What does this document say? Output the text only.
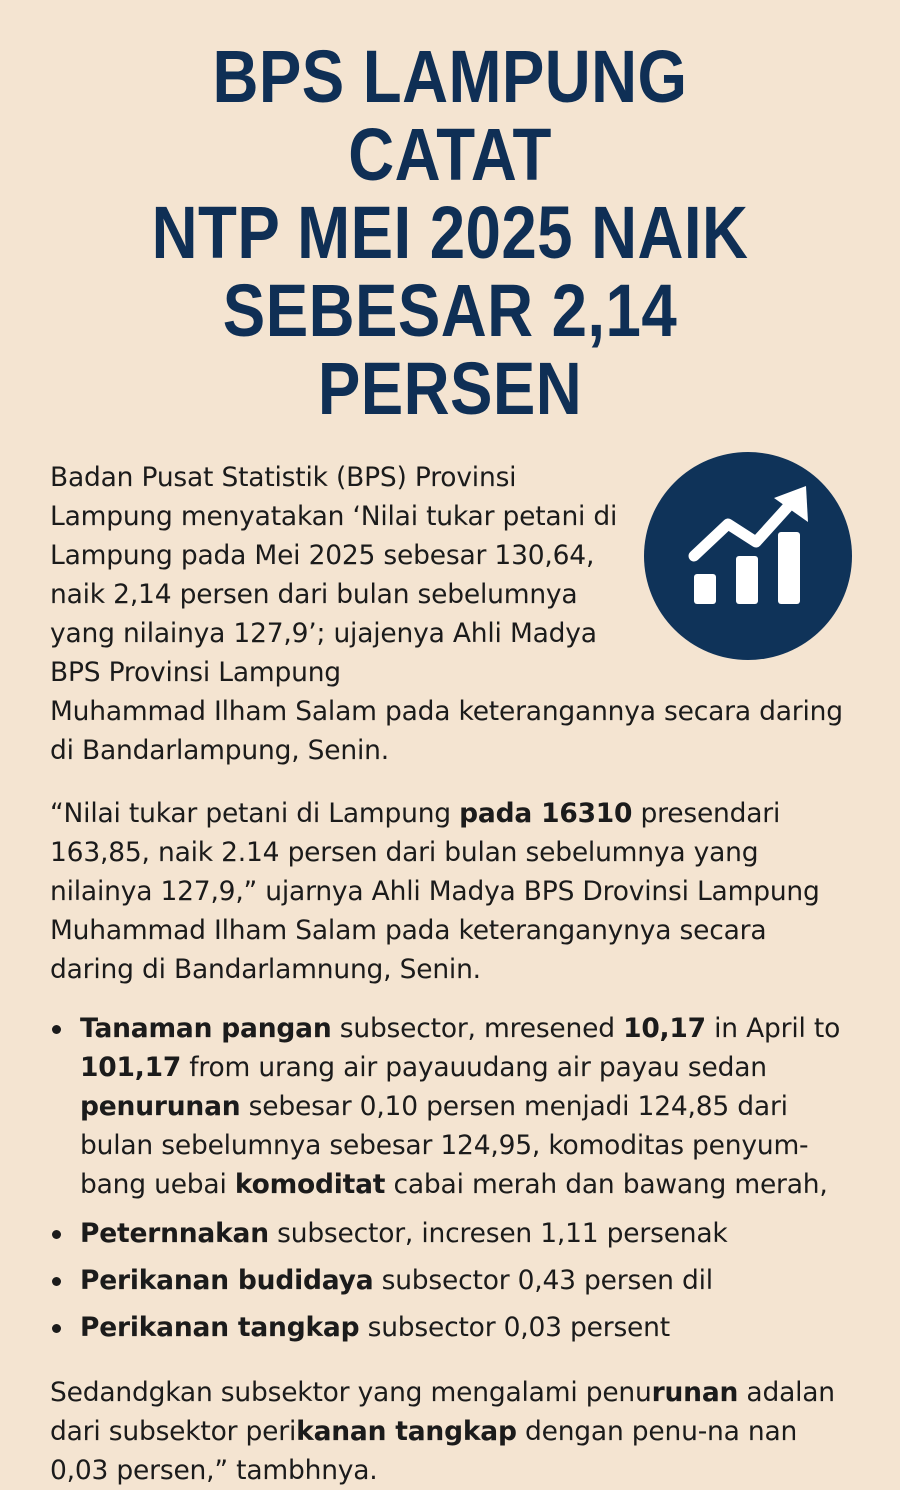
BPS LAMPUNG CATAT
NTP MEI 2025 NAIK
SEBESAR 2,14 PERSEN

Badan Pusat Statistik (BPS) Provinsi Lampung menyatakan ‘Nilai tukar petani di Lampung pada Mei 2025 sebesar 130,64, naik 2,14 persen dari bulan sebelumnya yang nilainya 127,9’; ujajenya Ahli Madya BPS Provinsi Lampung
Muhammad Ilham Salam pada keterangannya secara daring di Bandarlampung, Senin.

“Nilai tukar petani di Lampung pada 16310 presendari 163,85, naik 2.14 persen dari bulan sebelumnya yang nilainya 127,9,” ujarnya Ahli Madya BPS Drovinsi Lampung Muhammad Ilham Salam pada keteranganynya secara daring di Bandarlamnung, Senin.

Tanaman pangan subsector, mresened 10,17 in April to 101,17 from urang air payauudang air payau sedan penurunan sebesar 0,10 persen menjadi 124,85 dari bulan sebelumnya sebesar 124,95, komoditas penyum-bang uebai komoditat cabai merah dan bawang merah,
Peternnakan subsector, incresen 1,11 persenak
Perikanan budidaya subsector 0,43 persen dil
Perikanan tangkap subsector 0,03 persent

Sedandgkan subsektor yang mengalami penurunan adalan dari subsektor perikanan tangkap dengan penu-na nan 0,03 persen,” tambhnya.
